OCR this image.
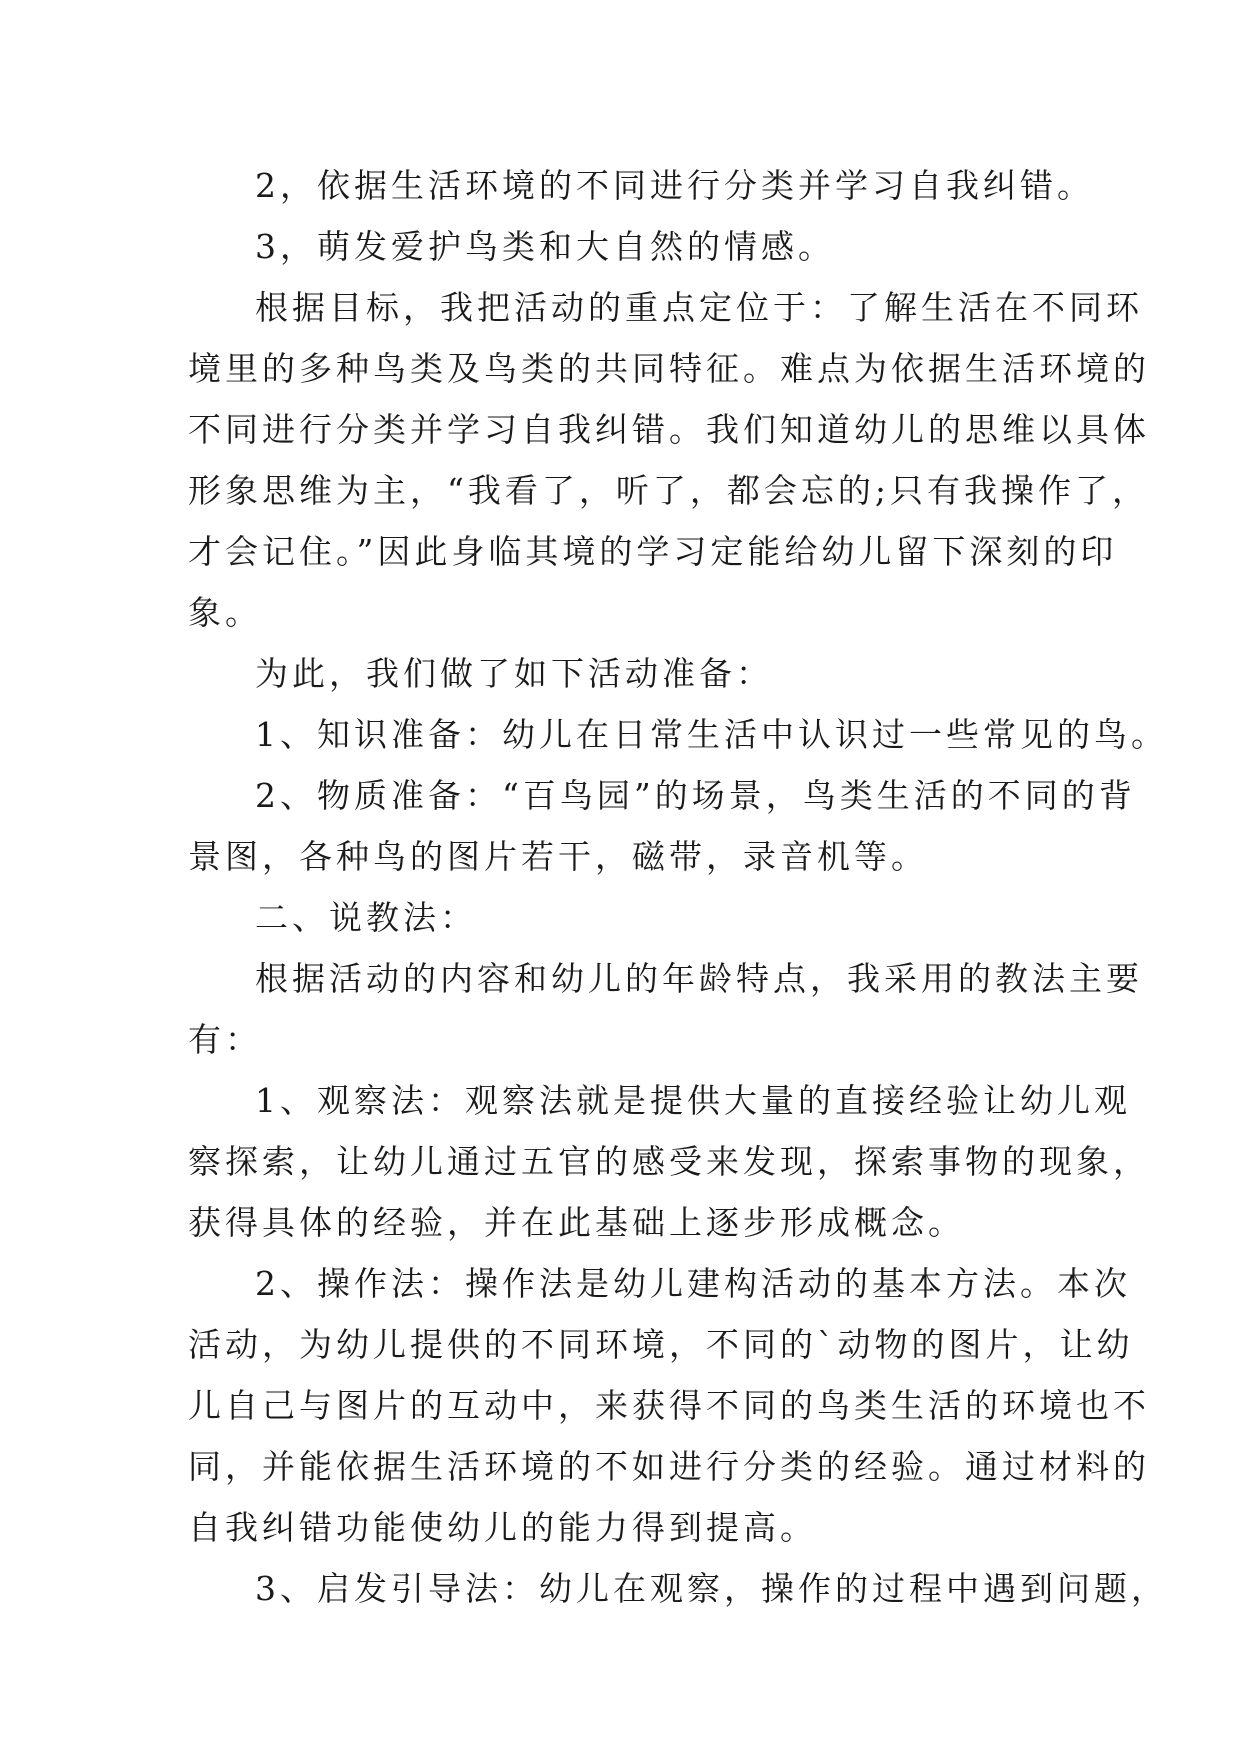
2，依据生活环境的不同进行分类并学习自我纠错。

3，萌发爱护鸟类和大自然的情感。

根据目标，我把活动的重点定位于：了解生活在不同环

境里的多种鸟类及鸟类的共同特征。难点为依据生活环境的

不同进行分类并学习自我纠错。我们知道幼儿的思维以具体

形象思维为主，“我看了，听了，都会忘的;只有我操作了，

才会记住。”因此身临其境的学习定能给幼儿留下深刻的印

象。

为此，我们做了如下活动准备：

1、知识准备：幼儿在日常生活中认识过一些常见的鸟。

2、物质准备：“百鸟园”的场景，鸟类生活的不同的背

景图，各种鸟的图片若干，磁带，录音机等。

二、说教法：

根据活动的内容和幼儿的年龄特点，我采用的教法主要

有：

1、观察法：观察法就是提供大量的直接经验让幼儿观

察探索，让幼儿通过五官的感受来发现，探索事物的现象，

获得具体的经验，并在此基础上逐步形成概念。

2、操作法：操作法是幼儿建构活动的基本方法。本次

活动，为幼儿提供的不同环境，不同的`动物的图片，让幼

儿自己与图片的互动中，来获得不同的鸟类生活的环境也不

同，并能依据生活环境的不如进行分类的经验。通过材料的

自我纠错功能使幼儿的能力得到提高。

3、启发引导法：幼儿在观察，操作的过程中遇到问题，
